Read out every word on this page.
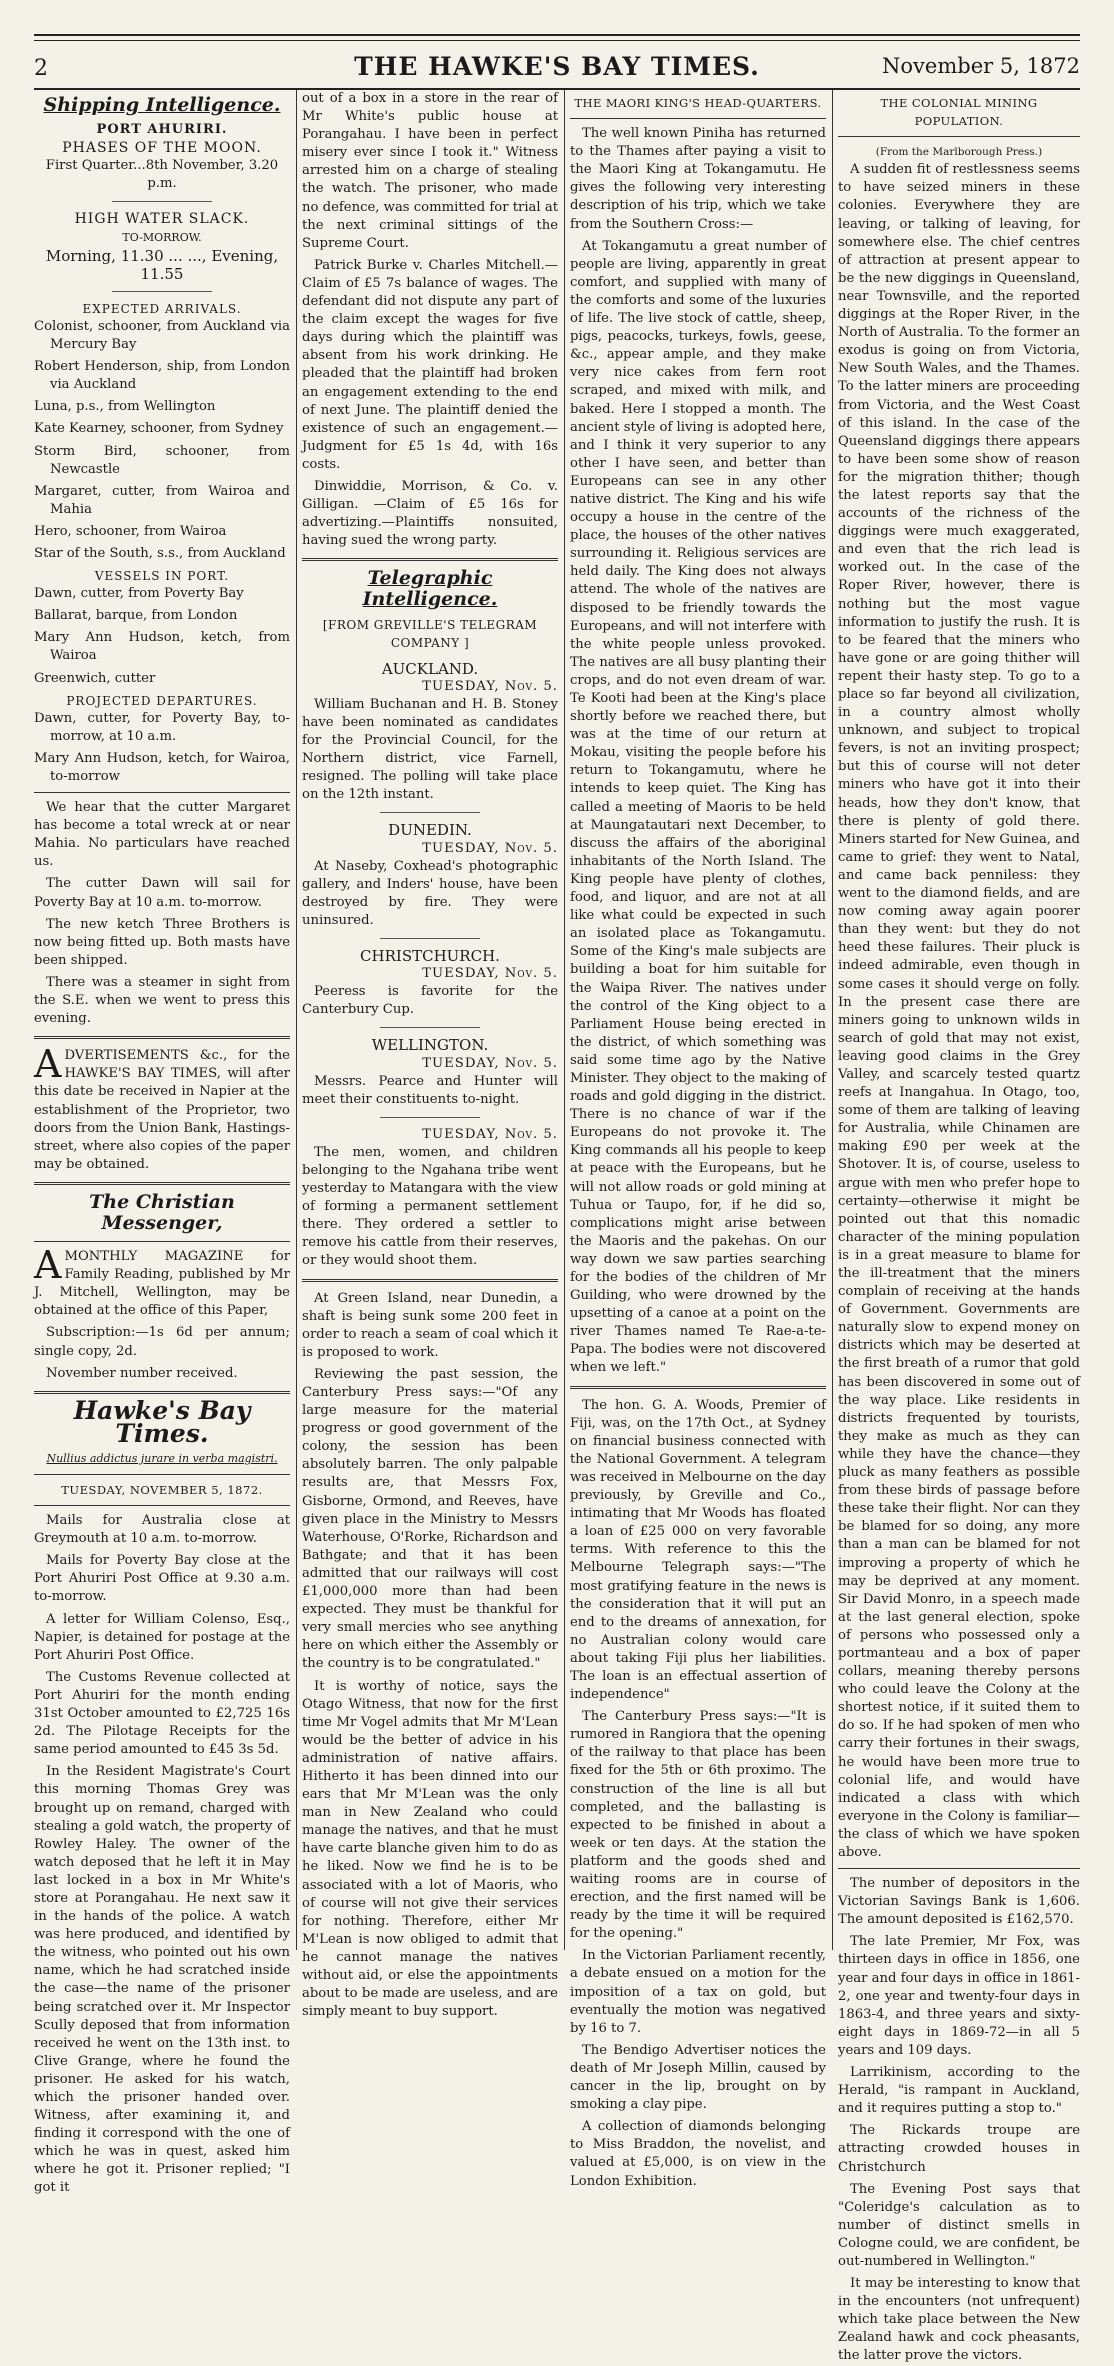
2	THE HAWKE'S BAY TIMES.	November 5, 1872
Shipping Intelligence.
PORT AHURIRI.
PHASES OF THE MOON.
First Quarter...8th November, 3.20 p.m.
HIGH WATER SLACK.
TO-MORROW.
Morning, 11.30 ... ..., Evening, 11.55
EXPECTED ARRIVALS.

Colonist, schooner, from Auckland via Mercury Bay

Robert Henderson, ship, from London via Auckland

Luna, p.s., from Wellington

Kate Kearney, schooner, from Sydney

Storm Bird, schooner, from Newcastle

Margaret, cutter, from Wairoa and Mahia

Hero, schooner, from Wairoa

Star of the South, s.s., from Auckland

VESSELS IN PORT.

Dawn, cutter, from Poverty Bay

Ballarat, barque, from London

Mary Ann Hudson, ketch, from Wairoa

Greenwich, cutter

PROJECTED DEPARTURES.

Dawn, cutter, for Poverty Bay, to-morrow, at 10 a.m.

Mary Ann Hudson, ketch, for Wairoa, to-morrow

We hear that the cutter Margaret has become a total wreck at or near Mahia. No particulars have reached us.

The cutter Dawn will sail for Poverty Bay at 10 a.m. to-morrow.

The new ketch Three Brothers is now being fitted up. Both masts have been shipped.

There was a steamer in sight from the S.E. when we went to press this evening.

ADVERTISEMENTS &c., for the HAWKE'S BAY TIMES, will after this date be received in Napier at the establishment of the Proprietor, two doors from the Union Bank, Hastings-street, where also copies of the paper may be obtained.

The Christian Messenger,

AMONTHLY MAGAZINE for Family Reading, published by Mr J. Mitchell, Wellington, may be obtained at the office of this Paper,

Subscription:—1s 6d per annum; single copy, 2d.

November number received.

Hawke's Bay Times.
Nullius addictus jurare in verba magistri.
TUESDAY, NOVEMBER 5, 1872.

Mails for Australia close at Greymouth at 10 a.m. to-morrow.

Mails for Poverty Bay close at the Port Ahuriri Post Office at 9.30 a.m. to-morrow.

A letter for William Colenso, Esq., Napier, is detained for postage at the Port Ahuriri Post Office.

The Customs Revenue collected at Port Ahuriri for the month ending 31st October amounted to £2,725 16s 2d. The Pilotage Receipts for the same period amounted to £45 3s 5d.

In the Resident Magistrate's Court this morning Thomas Grey was brought up on remand, charged with stealing a gold watch, the property of Rowley Haley. The owner of the watch deposed that he left it in May last locked in a box in Mr White's store at Porangahau. He next saw it in the hands of the police. A watch was here produced, and identified by the witness, who pointed out his own name, which he had scratched inside the case—the name of the prisoner being scratched over it. Mr Inspector Scully deposed that from information received he went on the 13th inst. to Clive Grange, where he found the prisoner. He asked for his watch, which the prisoner handed over. Witness, after examining it, and finding it correspond with the one of which he was in quest, asked him where he got it. Prisoner replied; "I got it

out of a box in a store in the rear of Mr White's public house at Porangahau. I have been in perfect misery ever since I took it." Witness arrested him on a charge of stealing the watch. The prisoner, who made no defence, was committed for trial at the next criminal sittings of the Supreme Court.

Patrick Burke v. Charles Mitchell.—Claim of £5 7s balance of wages. The defendant did not dispute any part of the claim except the wages for five days during which the plaintiff was absent from his work drinking. He pleaded that the plaintiff had broken an engagement extending to the end of next June. The plaintiff denied the existence of such an engagement.—Judgment for £5 1s 4d, with 16s costs.

Dinwiddie, Morrison, & Co. v. Gilligan. —Claim of £5 16s for advertizing.—Plaintiffs nonsuited, having sued the wrong party.

Telegraphic Intelligence.
[FROM GREVILLE'S TELEGRAM COMPANY ]
AUCKLAND.
TUESDAY, Nov. 5.

William Buchanan and H. B. Stoney have been nominated as candidates for the Provincial Council, for the Northern district, vice Farnell, resigned. The polling will take place on the 12th instant.

DUNEDIN.
TUESDAY, Nov. 5.

At Naseby, Coxhead's photographic gallery, and Inders' house, have been destroyed by fire. They were uninsured.

CHRISTCHURCH.
TUESDAY, Nov. 5.

Peeress is favorite for the Canterbury Cup.

WELLINGTON.
TUESDAY, Nov. 5.

Messrs. Pearce and Hunter will meet their constituents to-night.

TUESDAY, Nov. 5.

The men, women, and children belonging to the Ngahana tribe went yesterday to Matangara with the view of forming a permanent settlement there. They ordered a settler to remove his cattle from their reserves, or they would shoot them.

At Green Island, near Dunedin, a shaft is being sunk some 200 feet in order to reach a seam of coal which it is proposed to work.

Reviewing the past session, the Canterbury Press says:—"Of any large measure for the material progress or good government of the colony, the session has been absolutely barren. The only palpable results are, that Messrs Fox, Gisborne, Ormond, and Reeves, have given place in the Ministry to Messrs Waterhouse, O'Rorke, Richardson and Bathgate; and that it has been admitted that our railways will cost £1,000,000 more than had been expected. They must be thankful for very small mercies who see anything here on which either the Assembly or the country is to be congratulated."

It is worthy of notice, says the Otago Witness, that now for the first time Mr Vogel admits that Mr M'Lean would be the better of advice in his administration of native affairs. Hitherto it has been dinned into our ears that Mr M'Lean was the only man in New Zealand who could manage the natives, and that he must have carte blanche given him to do as he liked. Now we find he is to be associated with a lot of Maoris, who of course will not give their services for nothing. Therefore, either Mr M'Lean is now obliged to admit that he cannot manage the natives without aid, or else the appointments about to be made are useless, and are simply meant to buy support.

THE MAORI KING'S HEAD-QUARTERS.

The well known Piniha has returned to the Thames after paying a visit to the Maori King at Tokangamutu. He gives the following very interesting description of his trip, which we take from the Southern Cross:—

At Tokangamutu a great number of people are living, apparently in great comfort, and supplied with many of the comforts and some of the luxuries of life. The live stock of cattle, sheep, pigs, peacocks, turkeys, fowls, geese, &c., appear ample, and they make very nice cakes from fern root scraped, and mixed with milk, and baked. Here I stopped a month. The ancient style of living is adopted here, and I think it very superior to any other I have seen, and better than Europeans can see in any other native district. The King and his wife occupy a house in the centre of the place, the houses of the other natives surrounding it. Religious services are held daily. The King does not always attend. The whole of the natives are disposed to be friendly towards the Europeans, and will not interfere with the white people unless provoked. The natives are all busy planting their crops, and do not even dream of war. Te Kooti had been at the King's place shortly before we reached there, but was at the time of our return at Mokau, visiting the people before his return to Tokangamutu, where he intends to keep quiet. The King has called a meeting of Maoris to be held at Maungatautari next December, to discuss the affairs of the aboriginal inhabitants of the North Island. The King people have plenty of clothes, food, and liquor, and are not at all like what could be expected in such an isolated place as Tokangamutu. Some of the King's male subjects are building a boat for him suitable for the Waipa River. The natives under the control of the King object to a Parliament House being erected in the district, of which something was said some time ago by the Native Minister. They object to the making of roads and gold digging in the district. There is no chance of war if the Europeans do not provoke it. The King commands all his people to keep at peace with the Europeans, but he will not allow roads or gold mining at Tuhua or Taupo, for, if he did so, complications might arise between the Maoris and the pakehas. On our way down we saw parties searching for the bodies of the children of Mr Guilding, who were drowned by the upsetting of a canoe at a point on the river Thames named Te Rae-a-te-Papa. The bodies were not discovered when we left."

The hon. G. A. Woods, Premier of Fiji, was, on the 17th Oct., at Sydney on financial business connected with the National Government. A telegram was received in Melbourne on the day previously, by Greville and Co., intimating that Mr Woods has floated a loan of £25 000 on very favorable terms. With reference to this the Melbourne Telegraph says:—"The most gratifying feature in the news is the consideration that it will put an end to the dreams of annexation, for no Australian colony would care about taking Fiji plus her liabilities. The loan is an effectual assertion of independence"

The Canterbury Press says:—"It is rumored in Rangiora that the opening of the railway to that place has been fixed for the 5th or 6th proximo. The construction of the line is all but completed, and the ballasting is expected to be finished in about a week or ten days. At the station the platform and the goods shed and waiting rooms are in course of erection, and the first named will be ready by the time it will be required for the opening."

In the Victorian Parliament recently, a debate ensued on a motion for the imposition of a tax on gold, but eventually the motion was negatived by 16 to 7.

The Bendigo Advertiser notices the death of Mr Joseph Millin, caused by cancer in the lip, brought on by smoking a clay pipe.

A collection of diamonds belonging to Miss Braddon, the novelist, and valued at £5,000, is on view in the London Exhibition.

THE COLONIAL MINING POPULATION.
(From the Marlborough Press.)

A sudden fit of restlessness seems to have seized miners in these colonies. Everywhere they are leaving, or talking of leaving, for somewhere else. The chief centres of attraction at present appear to be the new diggings in Queensland, near Townsville, and the reported diggings at the Roper River, in the North of Australia. To the former an exodus is going on from Victoria, New South Wales, and the Thames. To the latter miners are proceeding from Victoria, and the West Coast of this island. In the case of the Queensland diggings there appears to have been some show of reason for the migration thither; though the latest reports say that the accounts of the richness of the diggings were much exaggerated, and even that the rich lead is worked out. In the case of the Roper River, however, there is nothing but the most vague information to justify the rush. It is to be feared that the miners who have gone or are going thither will repent their hasty step. To go to a place so far beyond all civilization, in a country almost wholly unknown, and subject to tropical fevers, is not an inviting prospect; but this of course will not deter miners who have got it into their heads, how they don't know, that there is plenty of gold there. Miners started for New Guinea, and came to grief: they went to Natal, and came back penniless: they went to the diamond fields, and are now coming away again poorer than they went: but they do not heed these failures. Their pluck is indeed admirable, even though in some cases it should verge on folly. In the present case there are miners going to unknown wilds in search of gold that may not exist, leaving good claims in the Grey Valley, and scarcely tested quartz reefs at Inangahua. In Otago, too, some of them are talking of leaving for Australia, while Chinamen are making £90 per week at the Shotover. It is, of course, useless to argue with men who prefer hope to certainty—otherwise it might be pointed out that this nomadic character of the mining population is in a great measure to blame for the ill-treatment that the miners complain of receiving at the hands of Government. Governments are naturally slow to expend money on districts which may be deserted at the first breath of a rumor that gold has been discovered in some out of the way place. Like residents in districts frequented by tourists, they make as much as they can while they have the chance—they pluck as many feathers as possible from these birds of passage before these take their flight. Nor can they be blamed for so doing, any more than a man can be blamed for not improving a property of which he may be deprived at any moment. Sir David Monro, in a speech made at the last general election, spoke of persons who possessed only a portmanteau and a box of paper collars, meaning thereby persons who could leave the Colony at the shortest notice, if it suited them to do so. If he had spoken of men who carry their fortunes in their swags, he would have been more true to colonial life, and would have indicated a class with which everyone in the Colony is familiar—the class of which we have spoken above.

The number of depositors in the Victorian Savings Bank is 1,606. The amount deposited is £162,570.

The late Premier, Mr Fox, was thirteen days in office in 1856, one year and four days in office in 1861-2, one year and twenty-four days in 1863-4, and three years and sixty-eight days in 1869-72—in all 5 years and 109 days.

Larrikinism, according to the Herald, "is rampant in Auckland, and it requires putting a stop to."

The Rickards troupe are attracting crowded houses in Christchurch

The Evening Post says that "Coleridge's calculation as to number of distinct smells in Cologne could, we are confident, be out-numbered in Wellington."

It may be interesting to know that in the encounters (not unfrequent) which take place between the New Zealand hawk and cock pheasants, the latter prove the victors.
